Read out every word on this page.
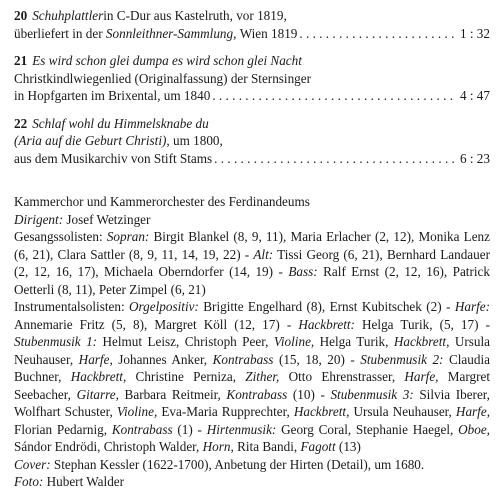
20 Schuhplattler in C-Dur aus Kastelruth, vor 1819,
überliefert in der
Sonnleithner-Sammlung,
Wien 1819 . . .	1 : 32
21 Es wird schon glei dumpa es wird schon glei Nacht
Christkindlwiegenlied (Originalfassung) der Sternsinger
in Hopfgarten im Brixental, um 1840 . . .	4 : 47
22 Schlaf wohl du Himmelsknabe du
(Aria auf die Geburt Christi) , um 1800,
aus dem Musikarchiv von Stift Stams . . .	6 : 23

Kammerchor und Kammerorchester des Ferdinandeums

Dirigent: Josef Wetzinger

Gesangssolisten: Sopran: Birgit Blankel (8, 9, 11), Maria Erlacher (2, 12), Monika Lenz (6, 21), Clara Sattler (8, 9, 11, 14, 19, 22) - Alt: Tissi Georg (6, 21), Bernhard Landauer (2, 12, 16, 17), Michaela Oberndorfer (14, 19) - Bass: Ralf Ernst (2, 12, 16), Patrick Oetterli (8, 11), Peter Zimpel (6, 21)

Instrumentalsolisten: Orgelpositiv: Brigitte Engelhard (8), Ernst Kubitschek (2) - Harfe: Annemarie Fritz (5, 8), Margret Köll (12, 17) - Hackbrett: Helga Turik, (5, 17) - Stubenmusik 1: Helmut Leisz, Christoph Peer, Violine, Helga Turik, Hackbrett, Ursula Neuhauser, Harfe, Johannes Anker, Kontrabass (15, 18, 20) - Stubenmusik 2: Claudia Buchner, Hackbrett, Christine Perniza, Zither, Otto Ehrenstrasser, Harfe, Margret Seebacher, Gitarre, Barbara Reitmeir, Kontrabass (10) - Stubenmusik 3: Silvia Iberer, Wolfhart Schuster, Violine, Eva-Maria Rupprechter, Hackbrett, Ursula Neuhauser, Harfe, Florian Pedarnig, Kontrabass (1) - Hirtenmusik: Georg Coral, Stephanie Haegel, Oboe, Sándor Endrödi, Christoph Walder, Horn, Rita Bandi, Fagott (13)

Cover: Stephan Kessler (1622-1700), Anbetung der Hirten (Detail), um 1680.

Foto: Hubert Walder
